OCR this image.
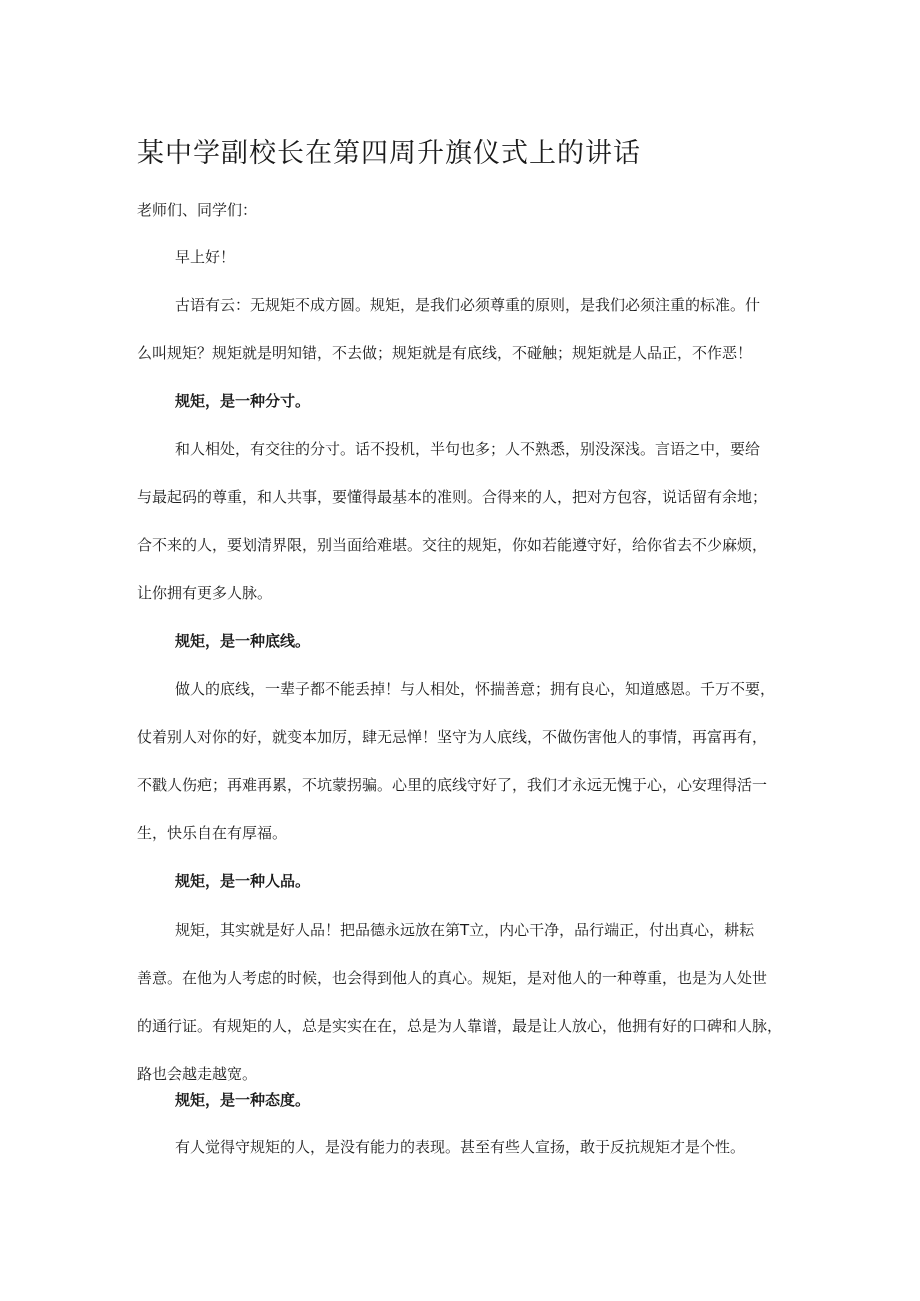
某中学副校长在第四周升旗仪式上的讲话

老师们、同学们：

早上好！

古语有云：无规矩不成方圆。规矩，是我们必须尊重的原则，是我们必须注重的标准。什

么叫规矩？规矩就是明知错，不去做；规矩就是有底线，不碰触；规矩就是人品正，不作恶！

规矩，是一种分寸。

和人相处，有交往的分寸。话不投机，半句也多；人不熟悉，别没深浅。言语之中，要给

与最起码的尊重，和人共事，要懂得最基本的准则。合得来的人，把对方包容，说话留有余地；

合不来的人，要划清界限，别当面给难堪。交往的规矩，你如若能遵守好，给你省去不少麻烦，

让你拥有更多人脉。

规矩，是一种底线。

做人的底线，一辈子都不能丢掉！与人相处，怀揣善意；拥有良心，知道感恩。千万不要，

仗着别人对你的好，就变本加厉，肆无忌惮！坚守为人底线，不做伤害他人的事情，再富再有，

不戳人伤疤；再难再累，不坑蒙拐骗。心里的底线守好了，我们才永远无愧于心，心安理得活一

生，快乐自在有厚福。

规矩，是一种人品。

规矩，其实就是好人品！把品德永远放在第T立，内心干净，品行端正，付出真心，耕耘

善意。在他为人考虑的时候，也会得到他人的真心。规矩，是对他人的一种尊重，也是为人处世

的通行证。有规矩的人，总是实实在在，总是为人靠谱，最是让人放心，他拥有好的口碑和人脉，

路也会越走越宽。

规矩，是一种态度。

有人觉得守规矩的人，是没有能力的表现。甚至有些人宣扬，敢于反抗规矩才是个性。
